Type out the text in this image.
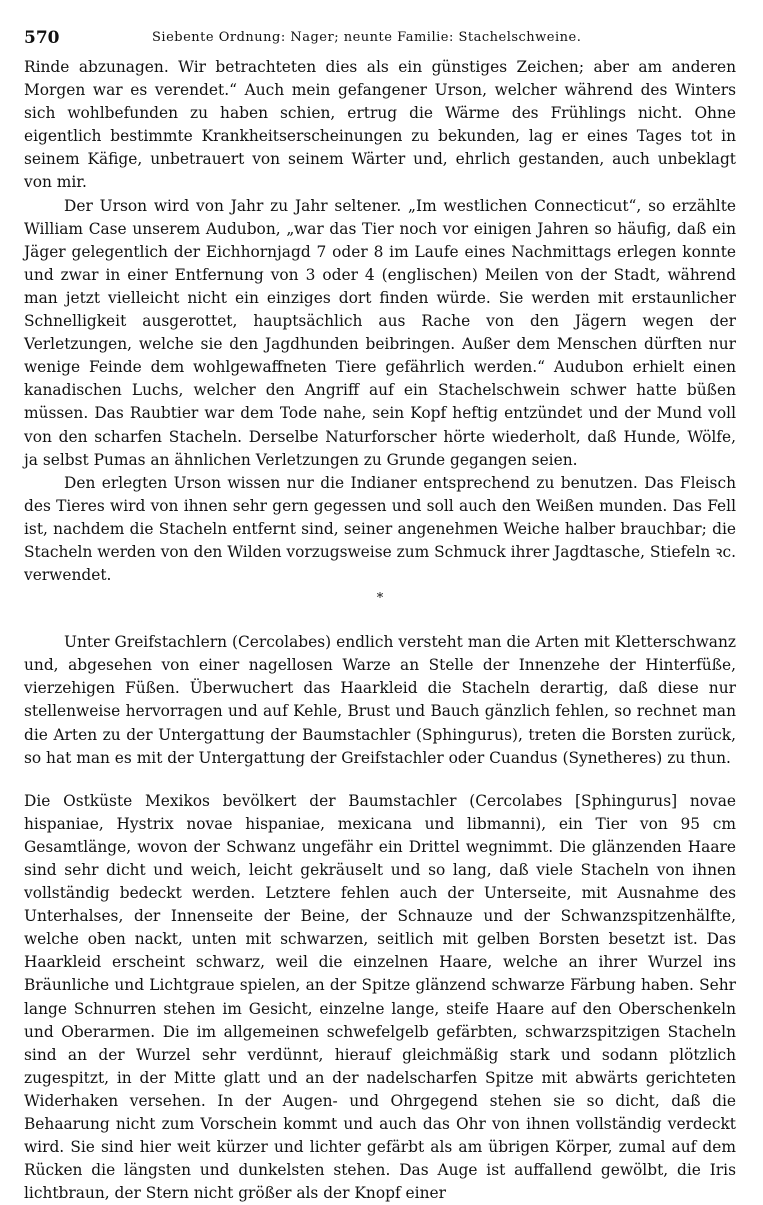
570	Siebente Ordnung: Nager; neunte Familie: Stachelschweine.

Rinde abzunagen. Wir betrachteten dies als ein günstiges Zeichen; aber am anderen Morgen war es verendet.“ Auch mein gefangener Urson, welcher während des Winters sich wohlbefunden zu haben schien, ertrug die Wärme des Frühlings nicht. Ohne eigentlich bestimmte Krankheitserscheinungen zu bekunden, lag er eines Tages tot in seinem Käfige, unbetrauert von seinem Wärter und, ehrlich gestanden, auch unbeklagt von mir.

Der Urson wird von Jahr zu Jahr seltener. „Im westlichen Connecticut“, so erzählte William Case unserem Audubon, „war das Tier noch vor einigen Jahren so häufig, daß ein Jäger gelegentlich der Eichhornjagd 7 oder 8 im Laufe eines Nachmittags erlegen konnte und zwar in einer Entfernung von 3 oder 4 (englischen) Meilen von der Stadt, während man jetzt vielleicht nicht ein einziges dort finden würde. Sie werden mit erstaunlicher Schnelligkeit ausgerottet, hauptsächlich aus Rache von den Jägern wegen der Verletzungen, welche sie den Jagdhunden beibringen. Außer dem Menschen dürften nur wenige Feinde dem wohlgewaffneten Tiere gefährlich werden.“ Audubon erhielt einen kanadischen Luchs, welcher den Angriff auf ein Stachelschwein schwer hatte büßen müssen. Das Raubtier war dem Tode nahe, sein Kopf heftig entzündet und der Mund voll von den scharfen Stacheln. Derselbe Naturforscher hörte wiederholt, daß Hunde, Wölfe, ja selbst Pumas an ähnlichen Verletzungen zu Grunde gegangen seien.

Den erlegten Urson wissen nur die Indianer entsprechend zu benutzen. Das Fleisch des Tieres wird von ihnen sehr gern gegessen und soll auch den Weißen munden. Das Fell ist, nachdem die Stacheln entfernt sind, seiner angenehmen Weiche halber brauchbar; die Stacheln werden von den Wilden vorzugsweise zum Schmuck ihrer Jagdtasche, Stiefeln ꝛc. verwendet.

*

Unter Greifstachlern (Cercolabes) endlich versteht man die Arten mit Kletterschwanz und, abgesehen von einer nagellosen Warze an Stelle der Innenzehe der Hinterfüße, vierzehigen Füßen. Überwuchert das Haarkleid die Stacheln derartig, daß diese nur stellenweise hervorragen und auf Kehle, Brust und Bauch gänzlich fehlen, so rechnet man die Arten zu der Untergattung der Baumstachler (Sphingurus), treten die Borsten zurück, so hat man es mit der Untergattung der Greifstachler oder Cuandus (Synetheres) zu thun.

Die Ostküste Mexikos bevölkert der Baumstachler (Cercolabes [Sphingurus] novae hispaniae, Hystrix novae hispaniae, mexicana und libmanni), ein Tier von 95 cm Gesamtlänge, wovon der Schwanz ungefähr ein Drittel wegnimmt. Die glänzenden Haare sind sehr dicht und weich, leicht gekräuselt und so lang, daß viele Stacheln von ihnen vollständig bedeckt werden. Letztere fehlen auch der Unterseite, mit Ausnahme des Unterhalses, der Innenseite der Beine, der Schnauze und der Schwanzspitzenhälfte, welche oben nackt, unten mit schwarzen, seitlich mit gelben Borsten besetzt ist. Das Haarkleid erscheint schwarz, weil die einzelnen Haare, welche an ihrer Wurzel ins Bräunliche und Lichtgraue spielen, an der Spitze glänzend schwarze Färbung haben. Sehr lange Schnurren stehen im Gesicht, einzelne lange, steife Haare auf den Oberschenkeln und Oberarmen. Die im allgemeinen schwefelgelb gefärbten, schwarzspitzigen Stacheln sind an der Wurzel sehr verdünnt, hierauf gleichmäßig stark und sodann plötzlich zugespitzt, in der Mitte glatt und an der nadelscharfen Spitze mit abwärts gerichteten Widerhaken versehen. In der Augen- und Ohrgegend stehen sie so dicht, daß die Behaarung nicht zum Vorschein kommt und auch das Ohr von ihnen vollständig verdeckt wird. Sie sind hier weit kürzer und lichter gefärbt als am übrigen Körper, zumal auf dem Rücken die längsten und dunkelsten stehen. Das Auge ist auffallend gewölbt, die Iris lichtbraun, der Stern nicht größer als der Knopf einer
